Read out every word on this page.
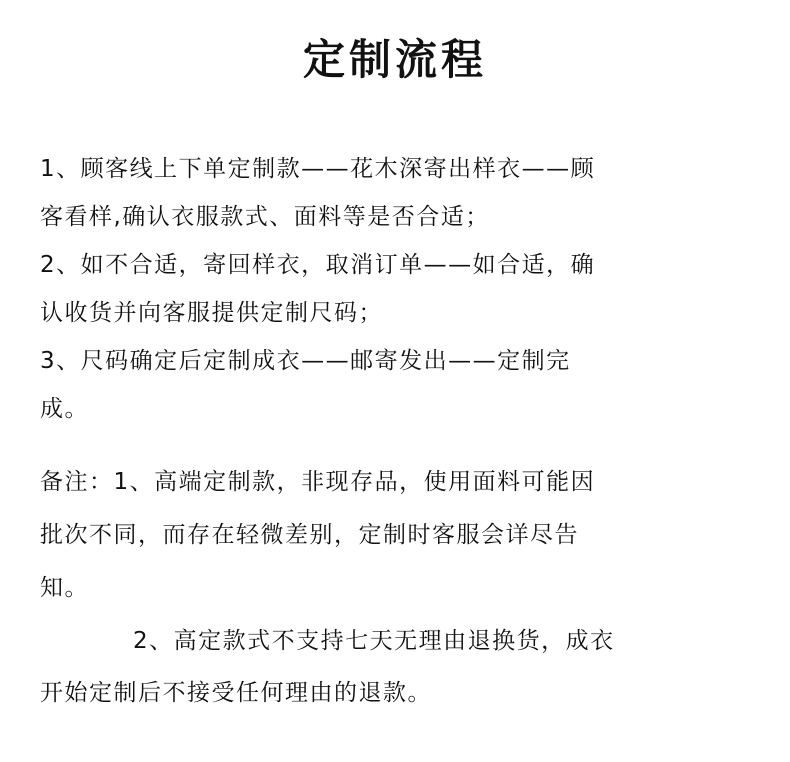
定制流程
1、顾客线上下单定制款——花木深寄出样衣——顾
客看样,确认衣服款式、面料等是否合适；
2、如不合适，寄回样衣，取消订单——如合适，确
认收货并向客服提供定制尺码；
3、尺码确定后定制成衣——邮寄发出——定制完
成。
备注：1、高端定制款，非现存品，使用面料可能因
批次不同，而存在轻微差别，定制时客服会详尽告
知。
2、高定款式不支持七天无理由退换货，成衣
开始定制后不接受任何理由的退款。
